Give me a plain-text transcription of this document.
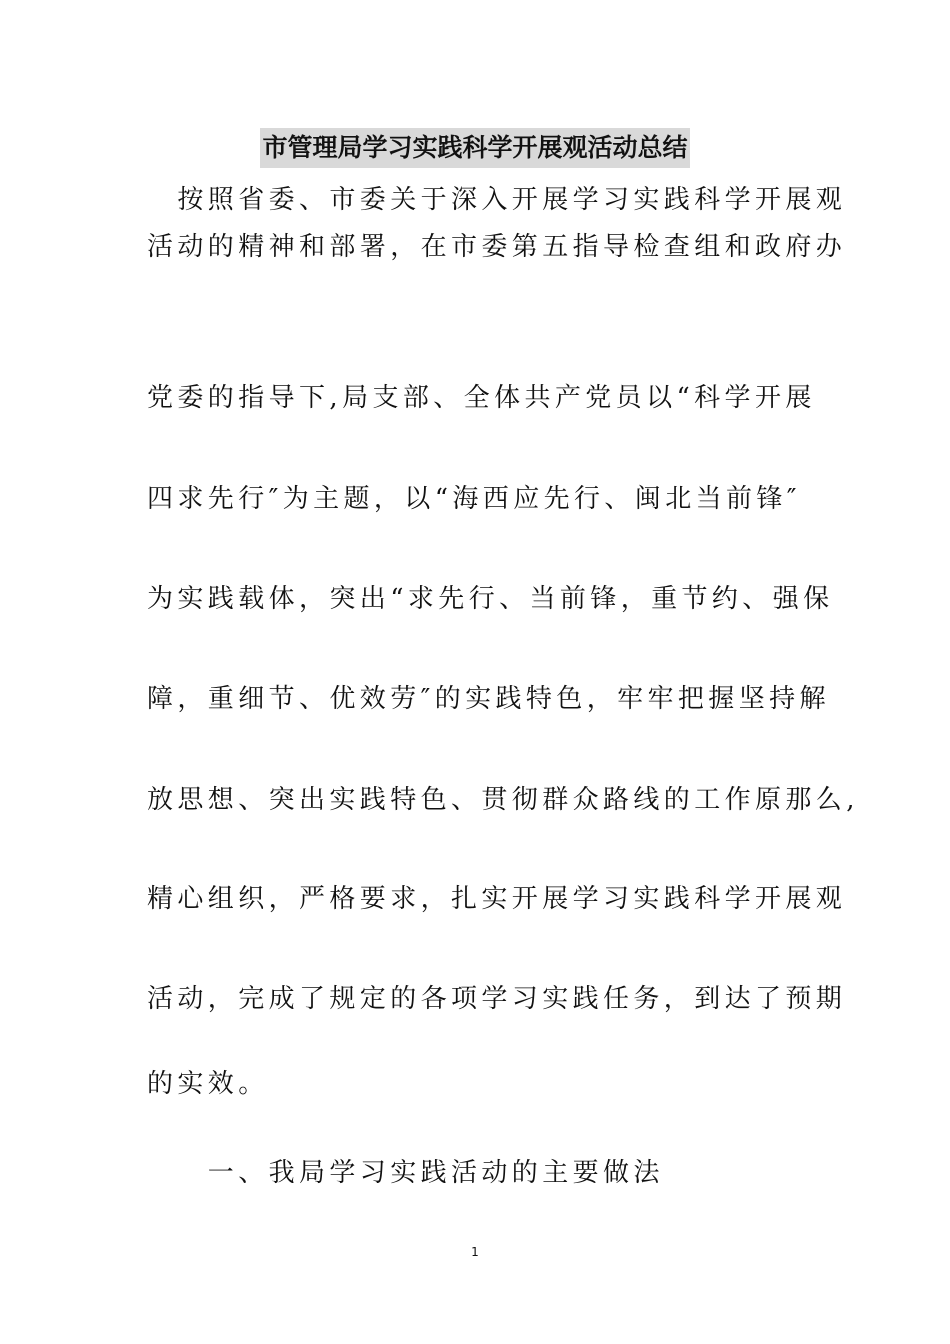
市管理局学习实践科学开展观活动总结
　按照省委、市委关于深入开展学习实践科学开展观
活动的精神和部署，在市委第五指导检查组和政府办
党委的指导下,局支部、全体共产党员以“科学开展
四求先行″为主题，以“海西应先行、闽北当前锋″
为实践载体，突出“求先行、当前锋，重节约、强保
障，重细节、优效劳″的实践特色，牢牢把握坚持解
放思想、突出实践特色、贯彻群众路线的工作原那么,
精心组织，严格要求，扎实开展学习实践科学开展观
活动，完成了规定的各项学习实践任务，到达了预期
的实效。
　　一、我局学习实践活动的主要做法
1
